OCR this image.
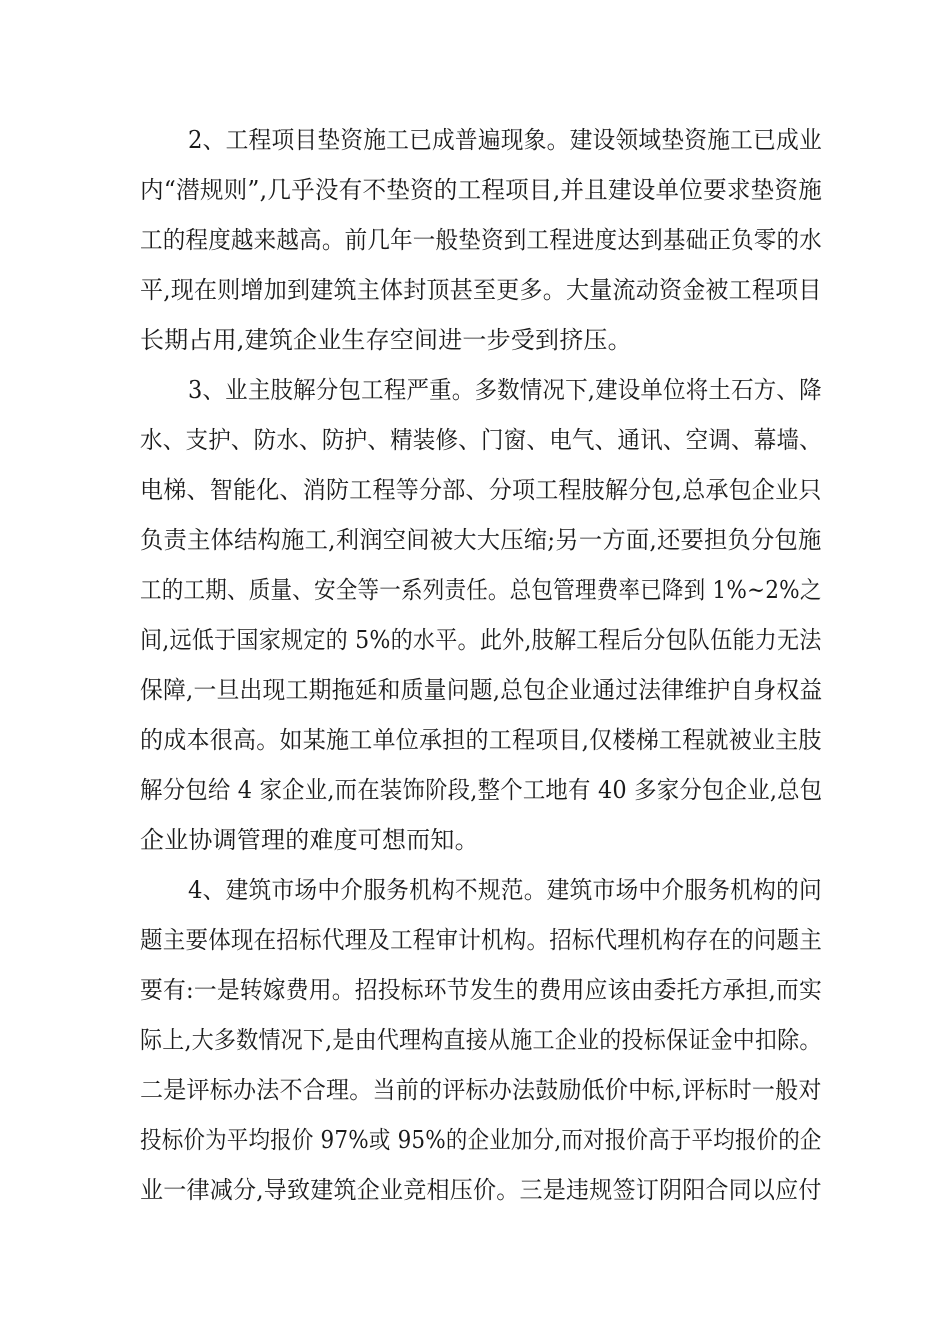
2、工程项目垫资施工已成普遍现象。建设领域垫资施工已成业
内“潜规则”,几乎没有不垫资的工程项目,并且建设单位要求垫资施
工的程度越来越高。前几年一般垫资到工程进度达到基础正负零的水
平,现在则增加到建筑主体封顶甚至更多。大量流动资金被工程项目
长期占用,建筑企业生存空间进一步受到挤压。
3、业主肢解分包工程严重。多数情况下,建设单位将土石方、降
水、支护、防水、防护、精装修、门窗、电气、通讯、空调、幕墙、
电梯、智能化、消防工程等分部、分项工程肢解分包,总承包企业只
负责主体结构施工,利润空间被大大压缩;另一方面,还要担负分包施
工的工期、质量、安全等一系列责任。总包管理费率已降到 1%~2%之
间,远低于国家规定的 5%的水平。此外,肢解工程后分包队伍能力无法
保障,一旦出现工期拖延和质量问题,总包企业通过法律维护自身权益
的成本很高。如某施工单位承担的工程项目,仅楼梯工程就被业主肢
解分包给 4 家企业,而在装饰阶段,整个工地有 40 多家分包企业,总包
企业协调管理的难度可想而知。
4、建筑市场中介服务机构不规范。建筑市场中介服务机构的问
题主要体现在招标代理及工程审计机构。招标代理机构存在的问题主
要有:一是转嫁费用。招投标环节发生的费用应该由委托方承担,而实
际上,大多数情况下,是由代理构直接从施工企业的投标保证金中扣除。
二是评标办法不合理。当前的评标办法鼓励低价中标,评标时一般对
投标价为平均报价 97%或 95%的企业加分,而对报价高于平均报价的企
业一律减分,导致建筑企业竞相压价。三是违规签订阴阳合同以应付
